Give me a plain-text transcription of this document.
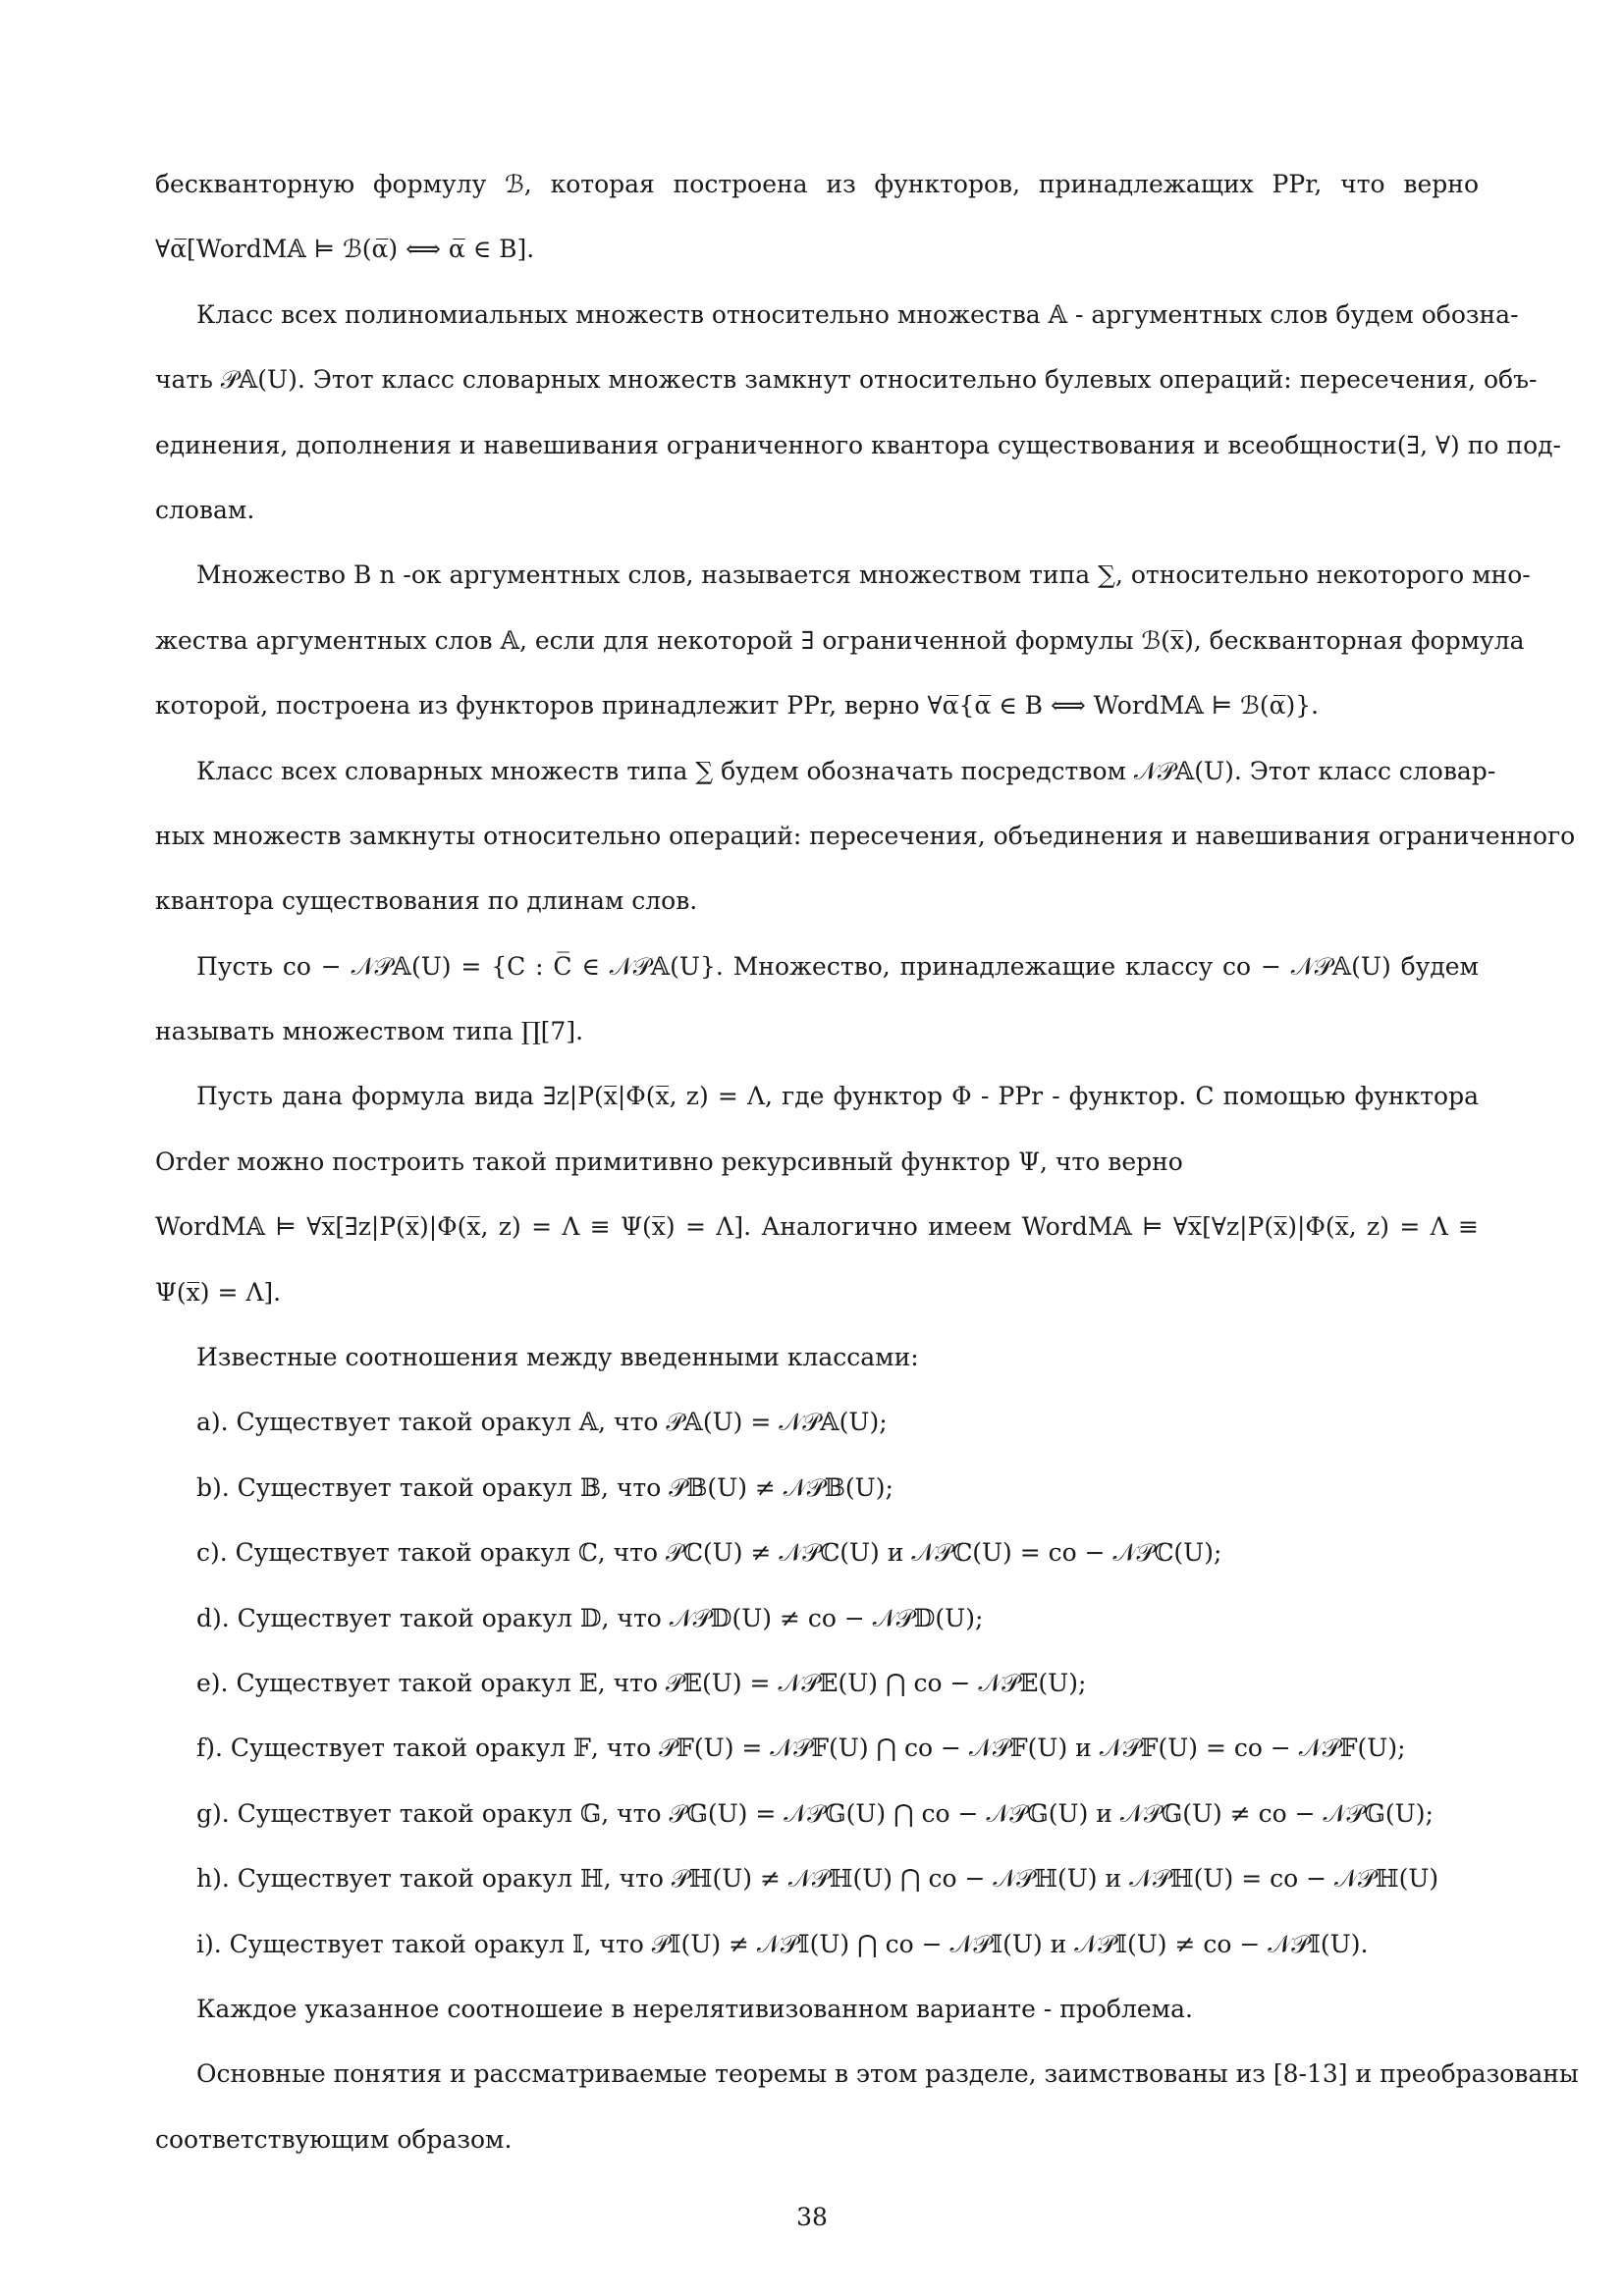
бескванторную формулу ℬ, которая построена из функторов, принадлежащих PPr, что верно
∀α̅[WordM𝔸 ⊨ ℬ(α̅) ⟺ α̅ ∈ B].
Класс всех полиномиальных множеств относительно множества 𝔸 - аргументных слов будем обозна-
чать 𝒫𝔸(U). Этот класс словарных множеств замкнут относительно булевых операций: пересечения, объ-
единения, дополнения и навешивания ограниченного квантора существования и всеобщности(∃, ∀) по под-
словам.
Множество B n -ок аргументных слов, называется множеством типа ∑, относительно некоторого мно-
жества аргументных слов 𝔸, если для некоторой ∃ ограниченной формулы ℬ(x̅), бескванторная формула
которой, построена из функторов принадлежит PPr, верно ∀α̅{α̅ ∈ B ⟺ WordM𝔸 ⊨ ℬ(α̅)}.
Класс всех словарных множеств типа ∑ будем обозначать посредством 𝒩𝒫𝔸(U). Этот класс словар-
ных множеств замкнуты относительно операций: пересечения, объединения и навешивания ограниченного
квантора существования по длинам слов.
Пусть co − 𝒩𝒫𝔸(U) = {C : C̅ ∈ 𝒩𝒫𝔸(U}. Множество, принадлежащие классу co − 𝒩𝒫𝔸(U) будем
называть множеством типа ∏[7].
Пусть дана формула вида ∃z|P(x̅|Φ(x̅, z) = Λ, где функтор Φ - PPr - функтор. С помощью функтора
Order можно построить такой примитивно рекурсивный функтор Ψ, что верно
WordM𝔸 ⊨ ∀x̅[∃z|P(x̅)|Φ(x̅, z) = Λ ≡ Ψ(x̅) = Λ]. Аналогично имеем WordM𝔸 ⊨ ∀x̅[∀z|P(x̅)|Φ(x̅, z) = Λ ≡
Ψ(x̅) = Λ].
Известные соотношения между введенными классами:
a). Существует такой оракул 𝔸, что 𝒫𝔸(U) = 𝒩𝒫𝔸(U);
b). Существует такой оракул 𝔹, что 𝒫𝔹(U) ≠ 𝒩𝒫𝔹(U);
c). Существует такой оракул ℂ, что 𝒫ℂ(U) ≠ 𝒩𝒫ℂ(U) и 𝒩𝒫ℂ(U) = co − 𝒩𝒫ℂ(U);
d). Существует такой оракул 𝔻, что 𝒩𝒫𝔻(U) ≠ co − 𝒩𝒫𝔻(U);
e). Существует такой оракул 𝔼, что 𝒫𝔼(U) = 𝒩𝒫𝔼(U) ⋂ co − 𝒩𝒫𝔼(U);
f). Существует такой оракул 𝔽, что 𝒫𝔽(U) = 𝒩𝒫𝔽(U) ⋂ co − 𝒩𝒫𝔽(U) и 𝒩𝒫𝔽(U) = co − 𝒩𝒫𝔽(U);
g). Существует такой оракул 𝔾, что 𝒫𝔾(U) = 𝒩𝒫𝔾(U) ⋂ co − 𝒩𝒫𝔾(U) и 𝒩𝒫𝔾(U) ≠ co − 𝒩𝒫𝔾(U);
h). Существует такой оракул ℍ, что 𝒫ℍ(U) ≠ 𝒩𝒫ℍ(U) ⋂ co − 𝒩𝒫ℍ(U) и 𝒩𝒫ℍ(U) = co − 𝒩𝒫ℍ(U)
i). Существует такой оракул 𝕀, что 𝒫𝕀(U) ≠ 𝒩𝒫𝕀(U) ⋂ co − 𝒩𝒫𝕀(U) и 𝒩𝒫𝕀(U) ≠ co − 𝒩𝒫𝕀(U).
Каждое указанное соотношеие в нерелятивизованном варианте - проблема.
Основные понятия и рассматриваемые теоремы в этом разделе, заимствованы из [8-13] и преобразованы
соответствующим образом.
38
